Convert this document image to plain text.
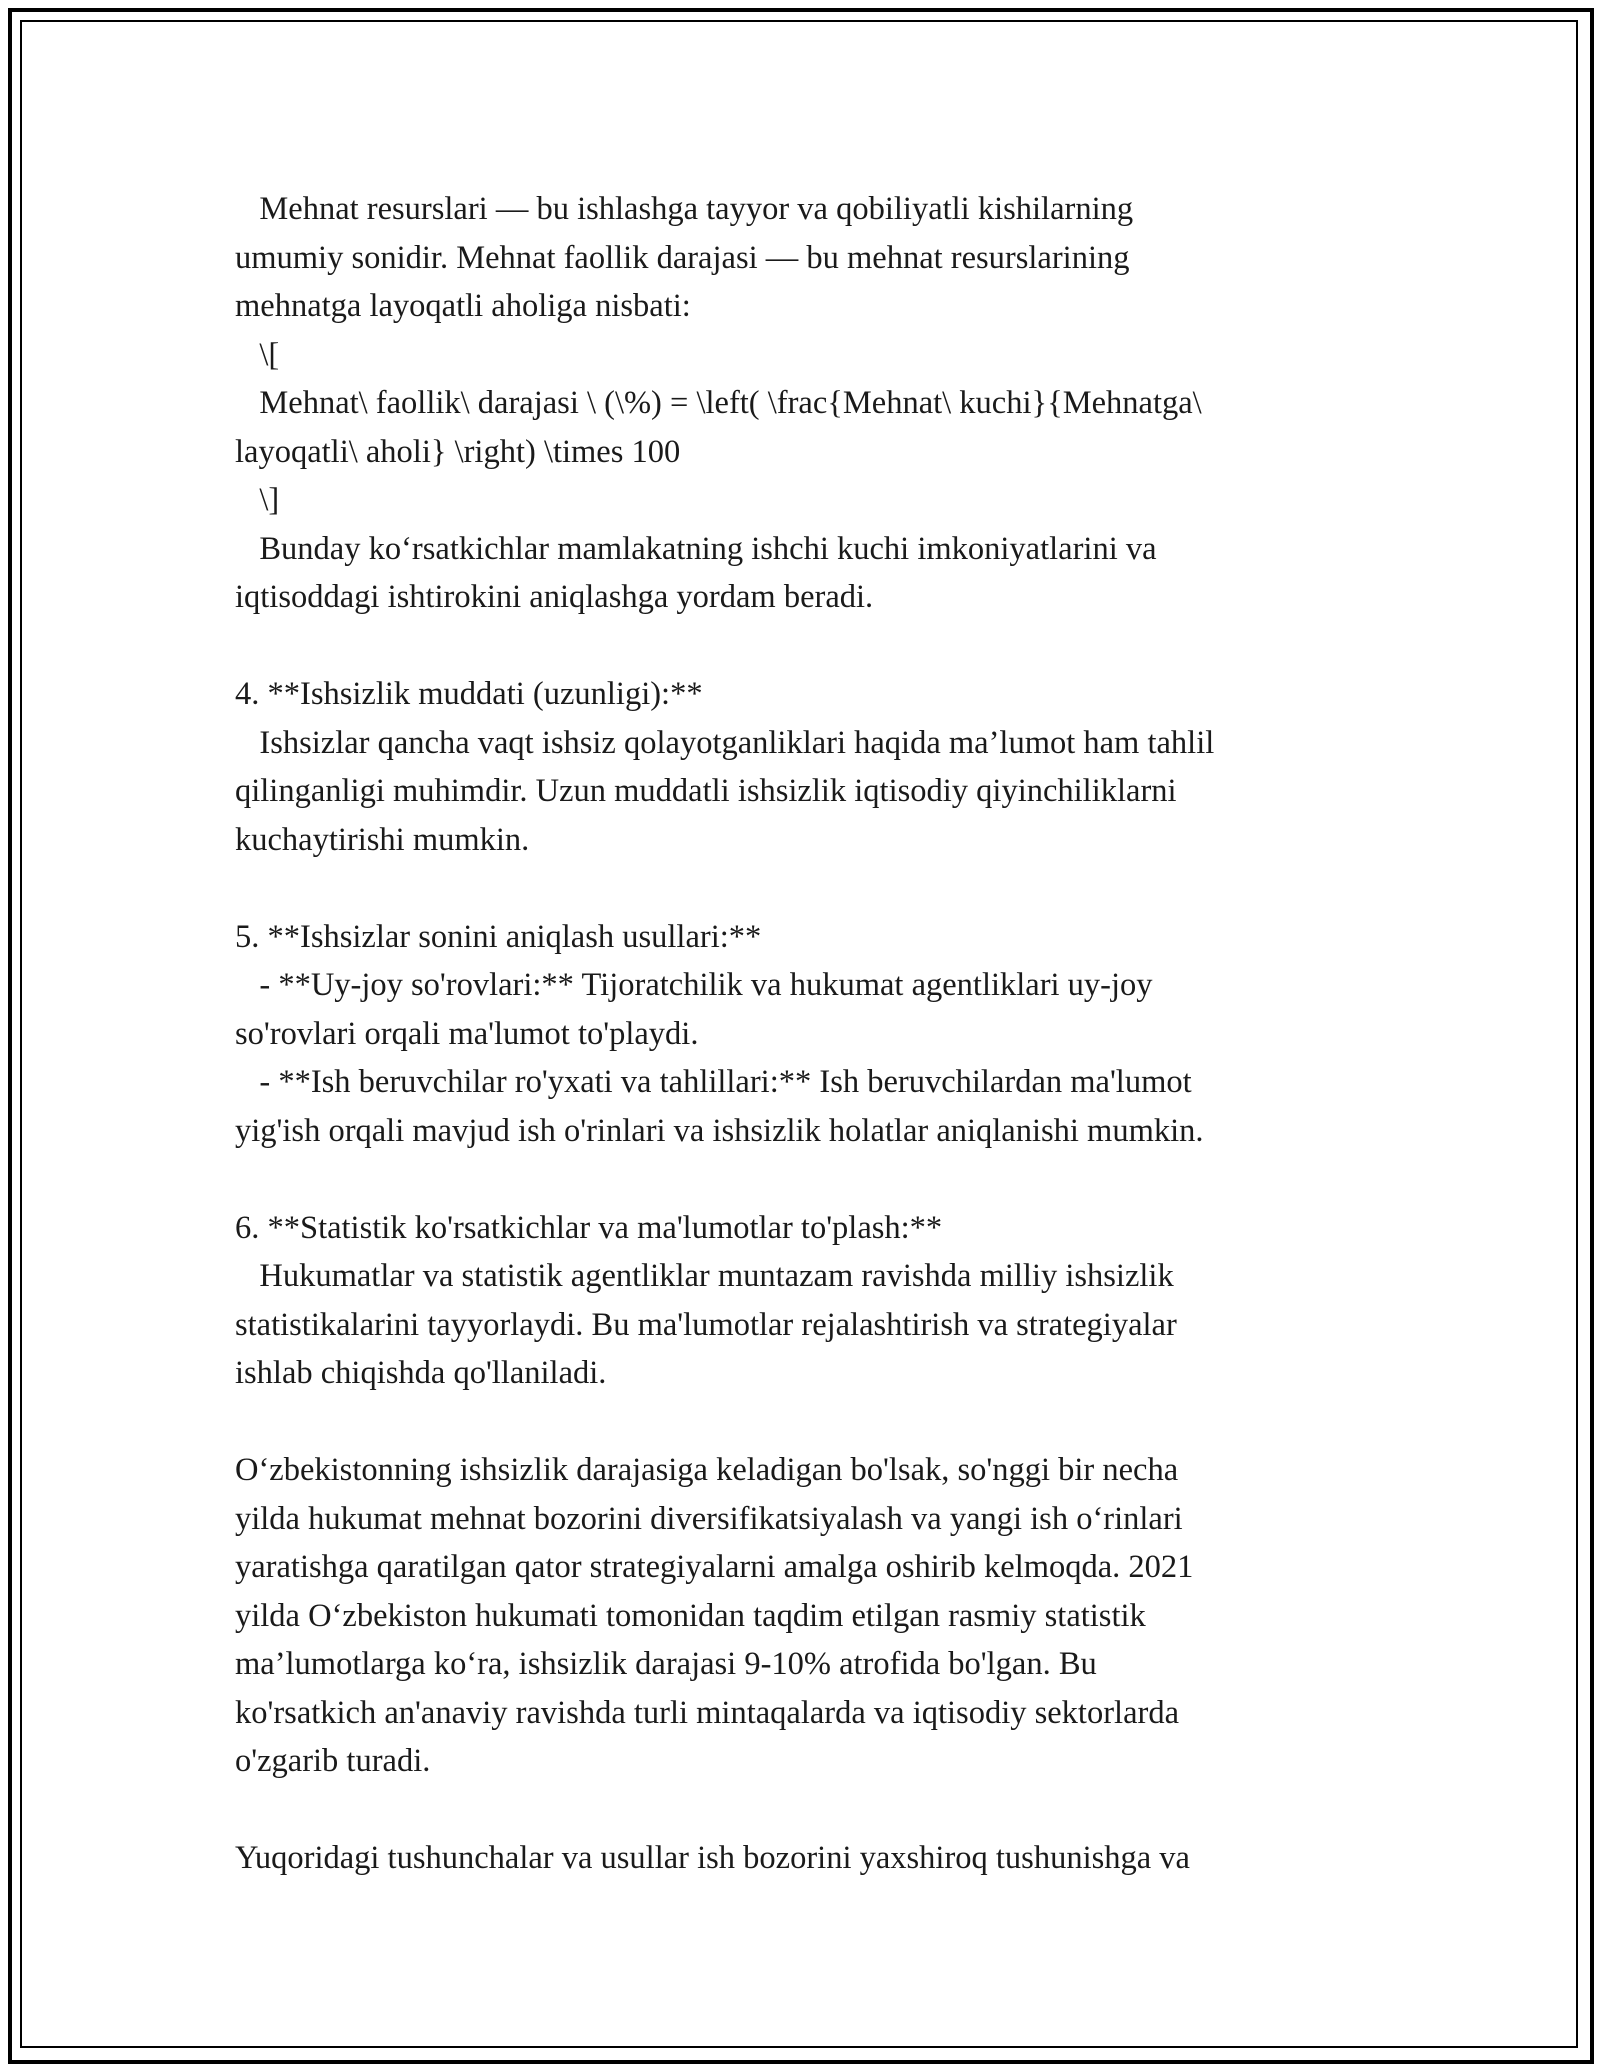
Mehnat resurslari — bu ishlashga tayyor va qobiliyatli kishilarning

umumiy sonidir. Mehnat faollik darajasi — bu mehnat resurslarining

mehnatga layoqatli aholiga nisbati:

\[

Mehnat\ faollik\ darajasi \ (\%) = \left( \frac{Mehnat\ kuchi}{Mehnatga\

layoqatli\ aholi} \right) \times 100

\]

Bunday ko‘rsatkichlar mamlakatning ishchi kuchi imkoniyatlarini va

iqtisoddagi ishtirokini aniqlashga yordam beradi.

4. **Ishsizlik muddati (uzunligi):**

Ishsizlar qancha vaqt ishsiz qolayotganliklari haqida ma’lumot ham tahlil

qilinganligi muhimdir. Uzun muddatli ishsizlik iqtisodiy qiyinchiliklarni

kuchaytirishi mumkin.

5. **Ishsizlar sonini aniqlash usullari:**

- **Uy-joy so'rovlari:** Tijoratchilik va hukumat agentliklari uy-joy

so'rovlari orqali ma'lumot to'playdi.

- **Ish beruvchilar ro'yxati va tahlillari:** Ish beruvchilardan ma'lumot

yig'ish orqali mavjud ish o'rinlari va ishsizlik holatlar aniqlanishi mumkin.

6. **Statistik ko'rsatkichlar va ma'lumotlar to'plash:**

Hukumatlar va statistik agentliklar muntazam ravishda milliy ishsizlik

statistikalarini tayyorlaydi. Bu ma'lumotlar rejalashtirish va strategiyalar

ishlab chiqishda qo'llaniladi.

O‘zbekistonning ishsizlik darajasiga keladigan bo'lsak, so'nggi bir necha

yilda hukumat mehnat bozorini diversifikatsiyalash va yangi ish o‘rinlari

yaratishga qaratilgan qator strategiyalarni amalga oshirib kelmoqda. 2021

yilda O‘zbekiston hukumati tomonidan taqdim etilgan rasmiy statistik

ma’lumotlarga ko‘ra, ishsizlik darajasi 9-10% atrofida bo'lgan. Bu

ko'rsatkich an'anaviy ravishda turli mintaqalarda va iqtisodiy sektorlarda

o'zgarib turadi.

Yuqoridagi tushunchalar va usullar ish bozorini yaxshiroq tushunishga va
